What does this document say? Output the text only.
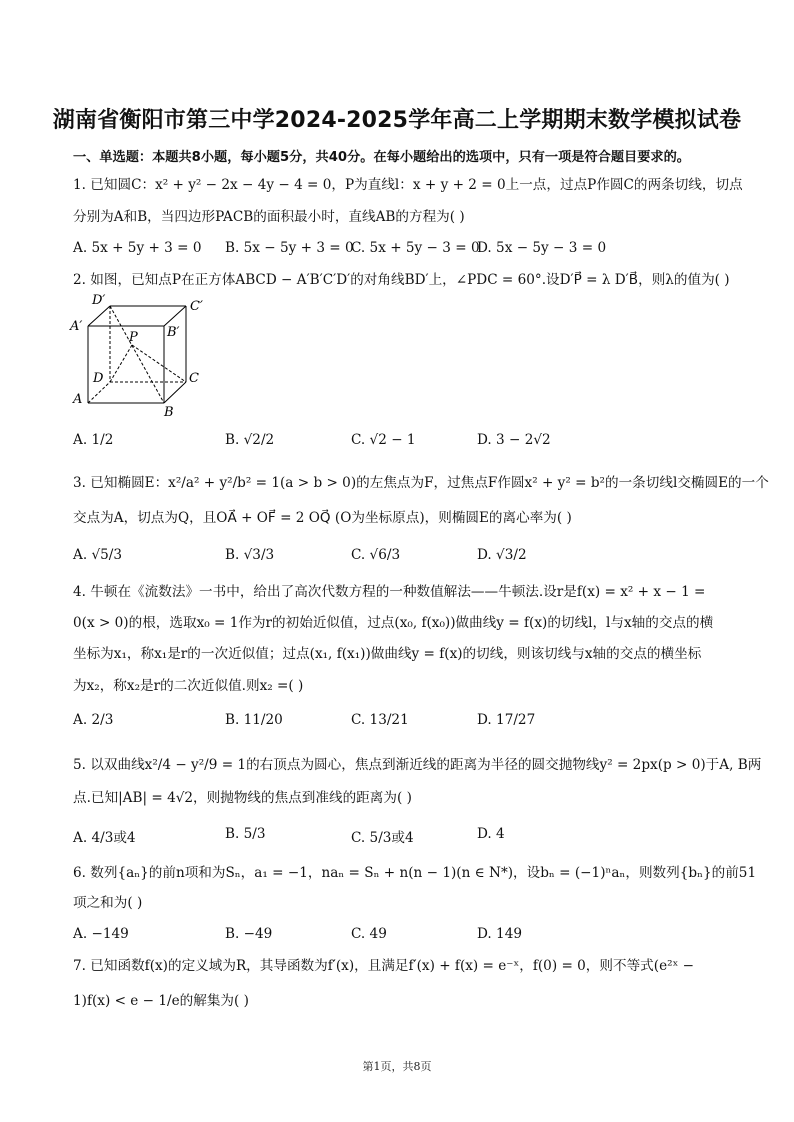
湖南省衡阳市第三中学2024-2025学年高二上学期期末数学模拟试卷
一、单选题：本题共8小题，每小题5分，共40分。在每小题给出的选项中，只有一项是符合题目要求的。
1. 已知圆C：x² + y² − 2x − 4y − 4 = 0，P为直线l：x + y + 2 = 0上一点，过点P作圆C的两条切线，切点
分别为A和B，当四边形PACB的面积最小时，直线AB的方程为( )
A. 5x + 5y + 3 = 0 B. 5x − 5y + 3 = 0
C. 5x + 5y − 3 = 0
D. 5x − 5y − 3 = 0
2. 如图，已知点P在正方体ABCD − A′B′C′D′的对角线BD′上，∠PDC = 60°.设D′P⃗ = λ D′B⃗，则λ的值为( )
D′	C′
A′	B′
P
D	C
A
B
A. 1/2	B. √2/2	C. √2 − 1	D. 3 − 2√2
3. 已知椭圆E：x²/a² + y²/b² = 1(a > b > 0)的左焦点为F，过焦点F作圆x² + y² = b²的一条切线l交椭圆E的一个
交点为A，切点为Q，且OA⃗ + OF⃗ = 2 OQ⃗ (O为坐标原点)，则椭圆E的离心率为( )
A. √5/3	B. √3/3	C. √6/3	D. √3/2
4. 牛顿在《流数法》一书中，给出了高次代数方程的一种数值解法——牛顿法.设r是f(x) = x² + x − 1 =
0(x > 0)的根，选取x₀ = 1作为r的初始近似值，过点(x₀, f(x₀))做曲线y = f(x)的切线l，l与x轴的交点的横
坐标为x₁，称x₁是r的一次近似值；过点(x₁, f(x₁))做曲线y = f(x)的切线，则该切线与x轴的交点的横坐标
为x₂，称x₂是r的二次近似值.则x₂ =( )
A. 2/3	B. 11/20	C. 13/21	D. 17/27
5. 以双曲线x²/4 − y²/9 = 1的右顶点为圆心，焦点到渐近线的距离为半径的圆交抛物线y² = 2px(p > 0)于A, B两
点.已知|AB| = 4√2，则抛物线的焦点到准线的距离为( )
A. 4/3或4	B. 5/3	C. 5/3或4	D. 4
6. 数列{aₙ}的前n项和为Sₙ，a₁ = −1，naₙ = Sₙ + n(n − 1)(n ∈ N*)，设bₙ = (−1)ⁿaₙ，则数列{bₙ}的前51
项之和为( )
A. −149	B. −49	C. 49	D. 149
7. 已知函数f(x)的定义域为R，其导函数为f′(x)，且满足f′(x) + f(x) = e⁻ˣ，f(0) = 0，则不等式(e²ˣ −
1)f(x) < e − 1/e的解集为( )
第1页，共8页
